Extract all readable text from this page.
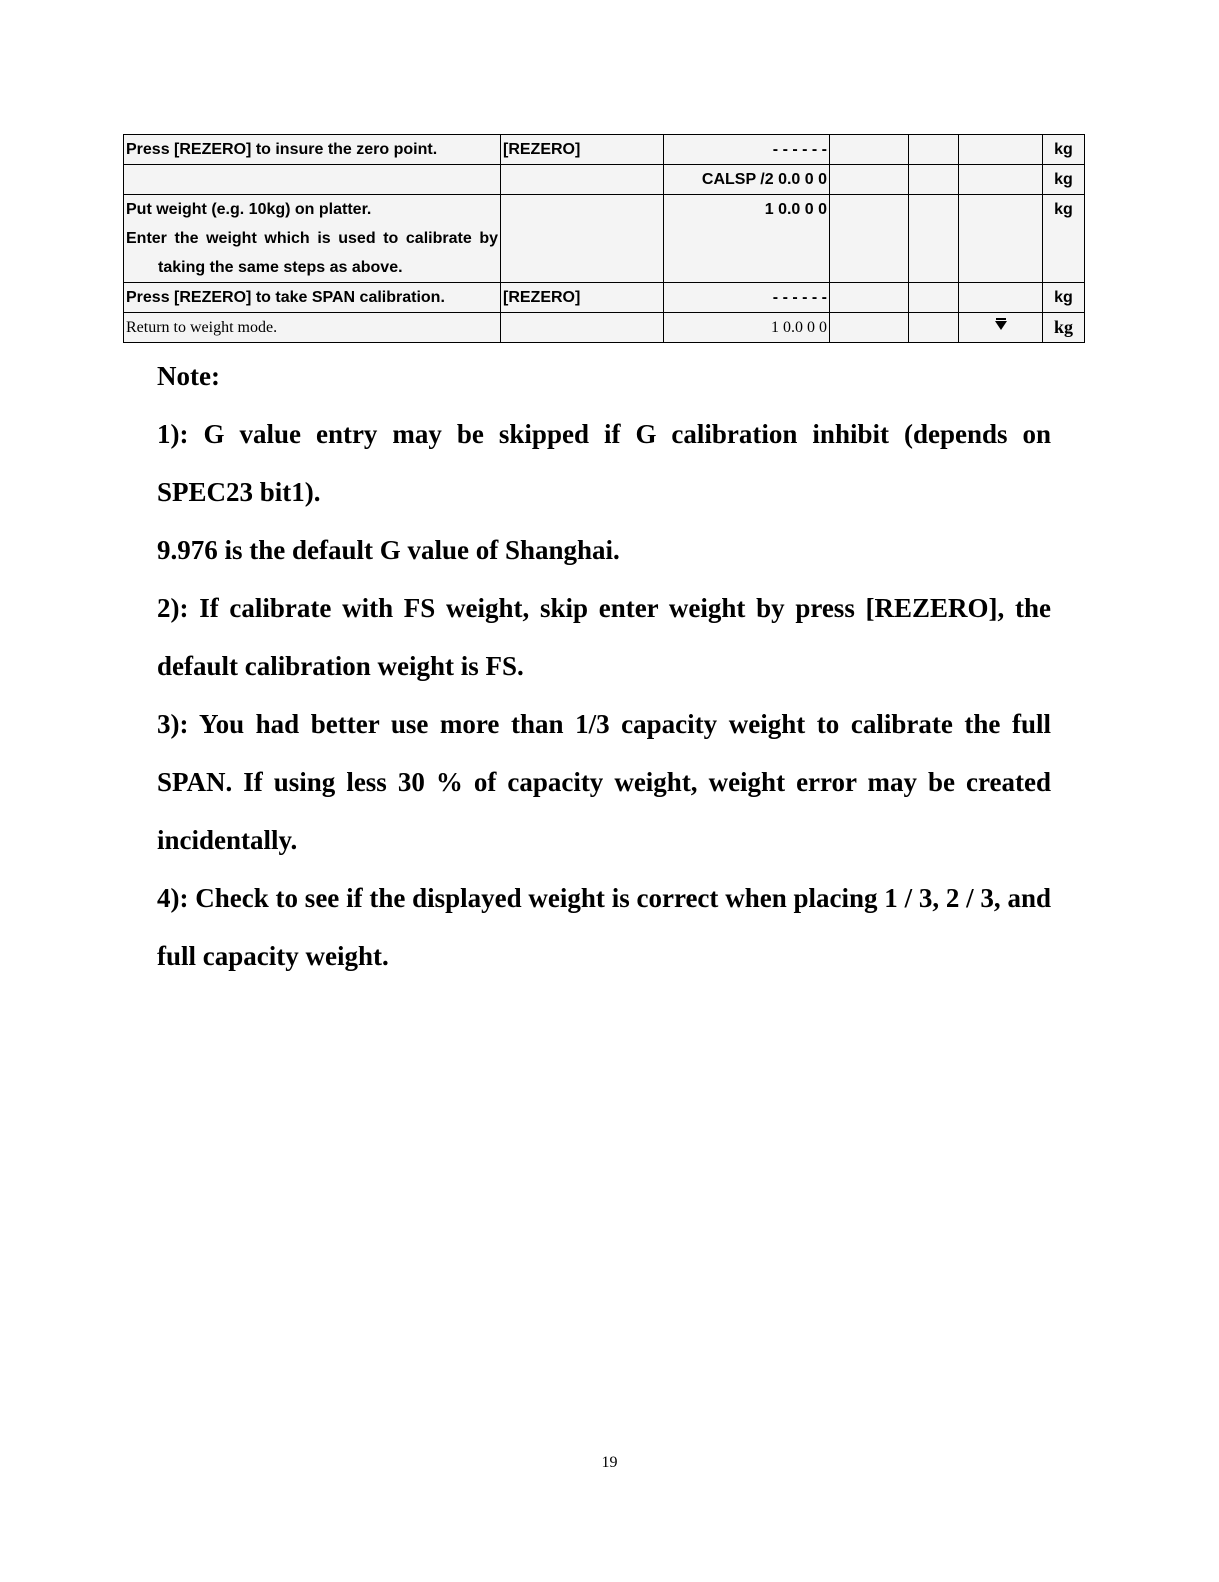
Press [REZERO] to insure the zero point.	[REZERO]	- - - - - -				kg

		CALSP /2 0.0 0 0				kg

Put weight (e.g. 10kg) on platter.
Enter the weight which is used to calibrate by
taking the same steps as above.		1 0.0 0 0				kg

Press [REZERO] to take SPAN calibration.	[REZERO]	- - - - - -				kg

Return to weight mode.		1 0.0 0 0				kg

Note:

1): G value entry may be skipped if G calibration inhibit (depends on SPEC23 bit1).

9.976 is the default G value of Shanghai.

2): If calibrate with FS weight, skip enter weight by press [REZERO], the default calibration weight is FS.

3): You had better use more than 1/3 capacity weight to calibrate the full SPAN. If using less 30 % of capacity weight, weight error may be created incidentally.

4): Check to see if the displayed weight is correct when placing 1 / 3, 2 / 3, and full capacity weight.

19
